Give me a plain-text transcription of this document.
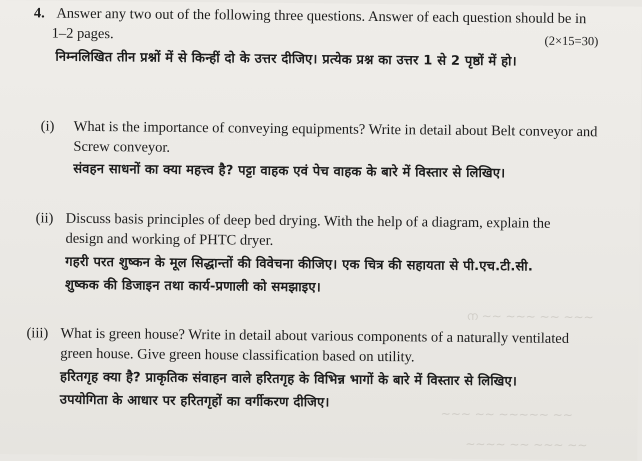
ന ~~ ~~~ ~~ ~~~
~~~ ~~ ~~~~~ ~~
~~~~ ~~ ~~~ ~~
4. Answer any two out of the following three questions. Answer of each question should be in
1–2 pages.	(2×15=30)
निम्नलिखित तीन प्रश्नों में से किन्हीं दो के उत्तर दीजिए। प्रत्येक प्रश्न का उत्तर 1 से 2 पृष्ठों में हो।
(i) What is the importance of conveying equipments? Write in detail about Belt conveyor and
Screw conveyor.
संवहन साधनों का क्या महत्त्व है? पट्टा वाहक एवं पेच वाहक के बारे में विस्तार से लिखिए।
(ii) Discuss basis principles of deep bed drying. With the help of a diagram, explain the
design and working of PHTC dryer.
गहरी परत शुष्कन के मूल सिद्धान्तों की विवेचना कीजिए। एक चित्र की सहायता से पी.एच.टी.सी.
शुष्कक की डिजाइन तथा कार्य-प्रणाली को समझाइए।
(iii) What is green house? Write in detail about various components of a naturally ventilated
green house. Give green house classification based on utility.
हरितगृह क्या है? प्राकृतिक संवाहन वाले हरितगृह के विभिन्न भागों के बारे में विस्तार से लिखिए।
उपयोगिता के आधार पर हरितगृहों का वर्गीकरण दीजिए।
